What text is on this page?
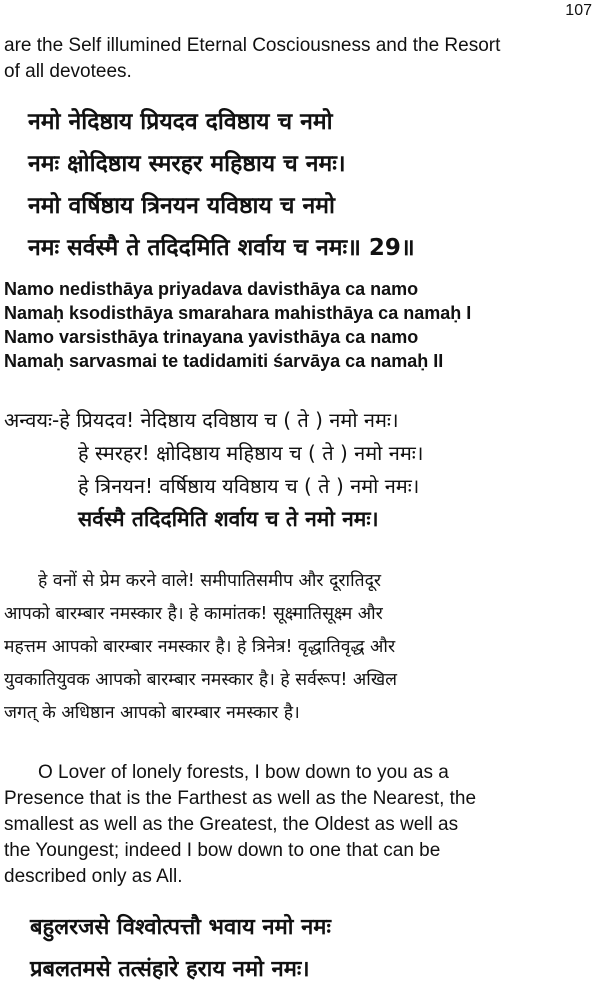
107
are the Self illumined Eternal Cosciousness and the Resort
of all devotees.
नमो नेदिष्ठाय प्रियदव दविष्ठाय च नमो
नमः क्षोदिष्ठाय स्मरहर महिष्ठाय च नमः।
नमो वर्षिष्ठाय त्रिनयन यविष्ठाय च नमो
नमः सर्वस्मै ते तदिदमिति शर्वाय च नमः॥ 29॥
Namo nedisthāya priyadava davisthāya ca namo
Namaḥ ksodisthāya smarahara mahisthāya ca namaḥ I
Namo varsisthāya trinayana yavisthāya ca namo
Namaḥ sarvasmai te tadidamiti śarvāya ca namaḥ II
अन्वयः-हे प्रियदव! नेदिष्ठाय दविष्ठाय च ( ते ) नमो नमः।
हे स्मरहर! क्षोदिष्ठाय महिष्ठाय च ( ते ) नमो नमः।
हे त्रिनयन! वर्षिष्ठाय यविष्ठाय च ( ते ) नमो नमः।
सर्वस्मै तदिदमिति शर्वाय च ते नमो नमः।
हे वनों से प्रेम करने वाले! समीपातिसमीप और दूरातिदूर
आपको बारम्बार नमस्कार है। हे कामांतक! सूक्ष्मातिसूक्ष्म और
महत्तम आपको बारम्बार नमस्कार है। हे त्रिनेत्र! वृद्धातिवृद्ध और
युवकातियुवक आपको बारम्बार नमस्कार है। हे सर्वरूप! अखिल
जगत् के अधिष्ठान आपको बारम्बार नमस्कार है।
O Lover of lonely forests, I bow down to you as a
Presence that is the Farthest as well as the Nearest, the
smallest as well as the Greatest, the Oldest as well as
the Youngest; indeed I bow down to one that can be
described only as All.
बहुलरजसे विश्वोत्पत्तौ भवाय नमो नमः
प्रबलतमसे तत्संहारे हराय नमो नमः।
